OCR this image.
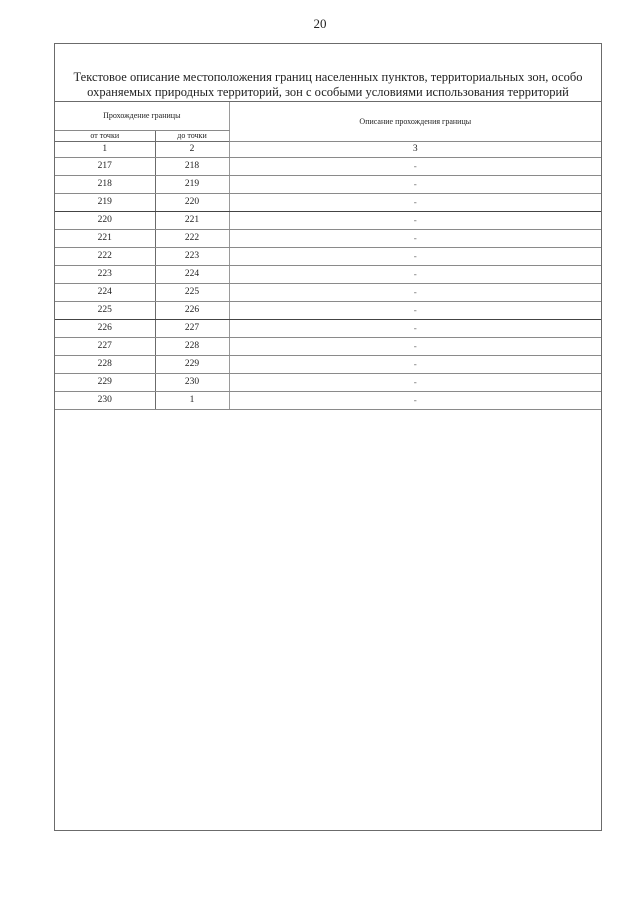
20
Текстовое описание местоположения границ населенных пунктов, территориальных зон, особо
охраняемых природных территорий, зон с особыми условиями использования территорий
Прохождение границы		Описание прохождения границы
от точки	до точки	
1	2	3
217	218	-
218	219	-
219	220	-
220	221	-
221	222	-
222	223	-
223	224	-
224	225	-
225	226	-
226	227	-
227	228	-
228	229	-
229	230	-
230	1	-
